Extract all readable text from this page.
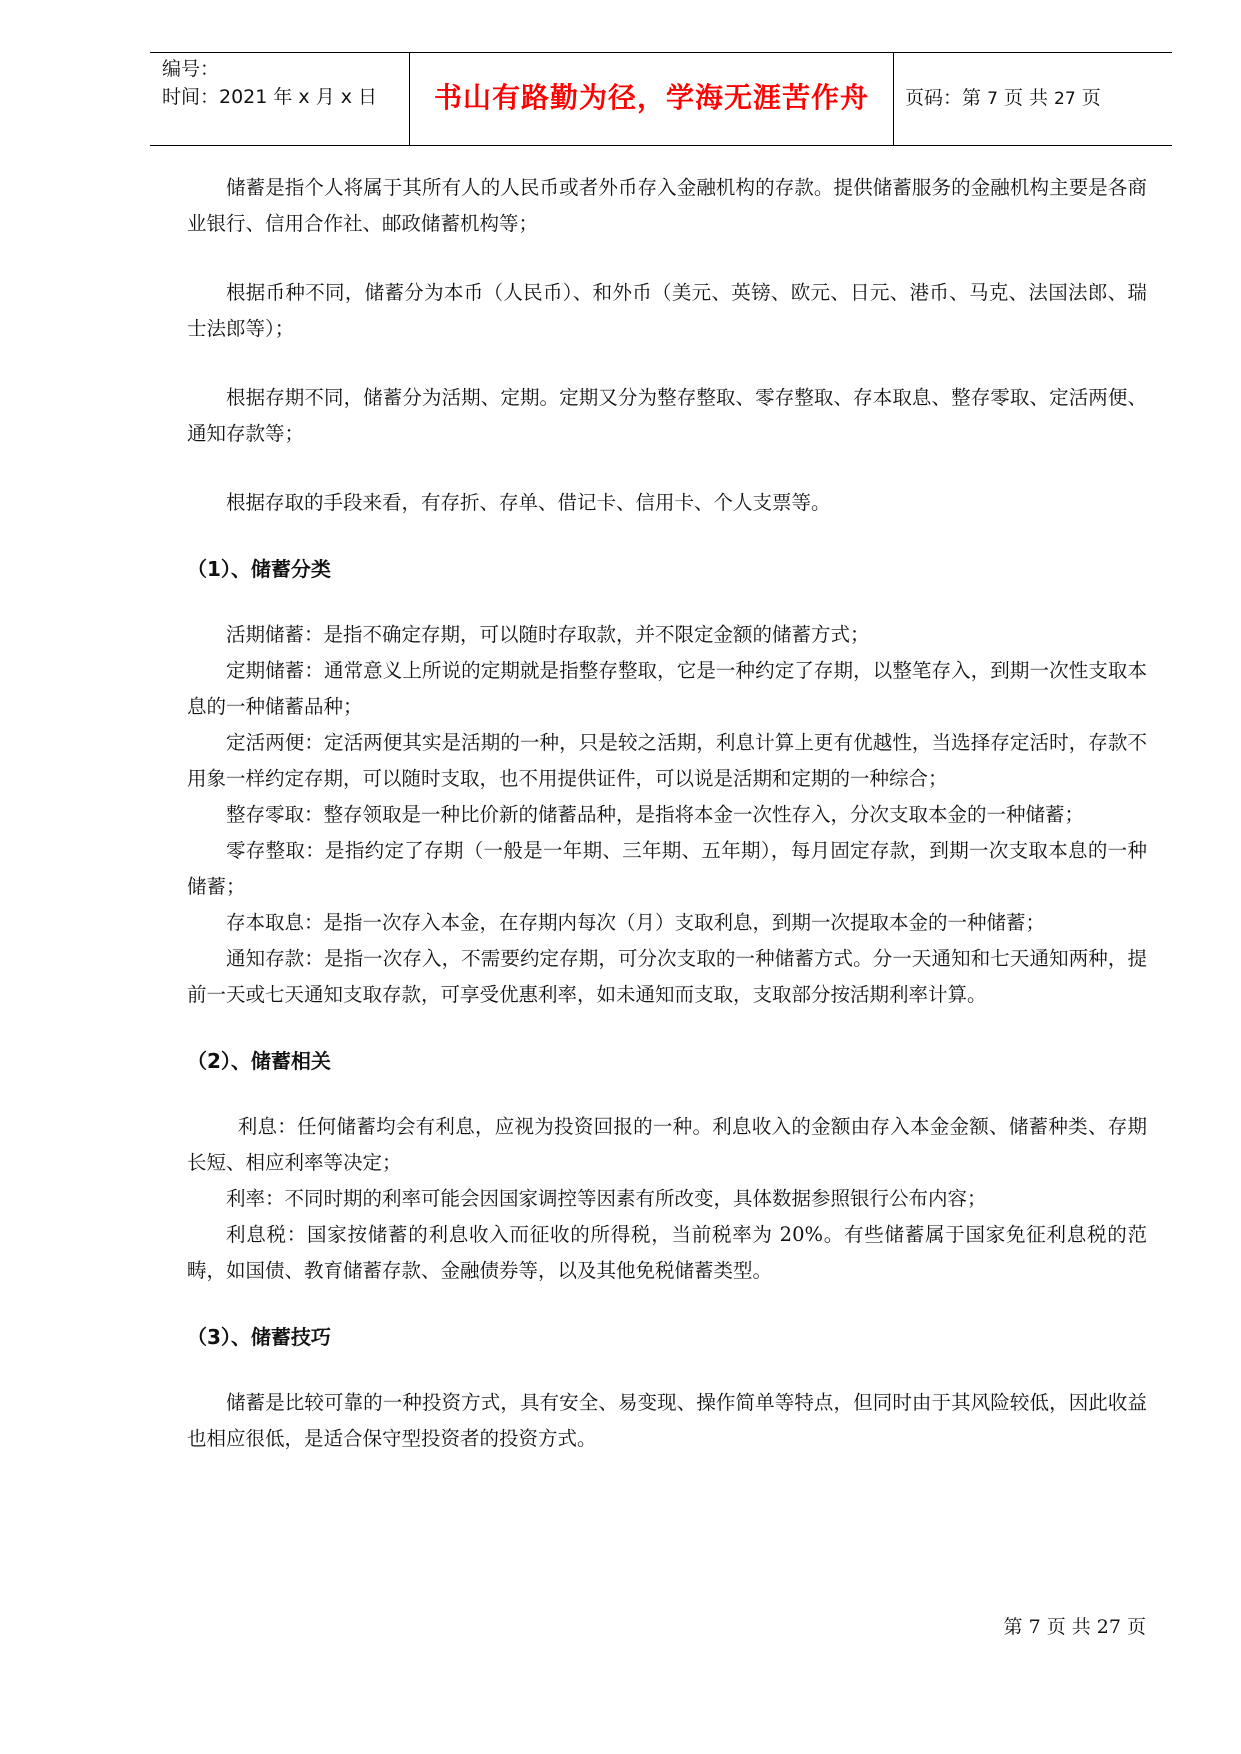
编号：
时间：2021 年 x 月 x 日	书山有路勤为径，学海无涯苦作舟	页码：第 7 页 共 27 页

储蓄是指个人将属于其所有人的人民币或者外币存入金融机构的存款。提供储蓄服务的金融机构主要是各商业银行、信用合作社、邮政储蓄机构等；

根据币种不同，储蓄分为本币（人民币）、和外币（美元、英镑、欧元、日元、港币、马克、法国法郎、瑞士法郎等）；

根据存期不同，储蓄分为活期、定期。定期又分为整存整取、零存整取、存本取息、整存零取、定活两便、通知存款等；

根据存取的手段来看，有存折、存单、借记卡、信用卡、个人支票等。

（1）、储蓄分类

活期储蓄：是指不确定存期，可以随时存取款，并不限定金额的储蓄方式；

定期储蓄：通常意义上所说的定期就是指整存整取，它是一种约定了存期，以整笔存入，到期一次性支取本息的一种储蓄品种；

定活两便：定活两便其实是活期的一种，只是较之活期，利息计算上更有优越性，当选择存定活时，存款不用象一样约定存期，可以随时支取，也不用提供证件，可以说是活期和定期的一种综合；

整存零取：整存领取是一种比价新的储蓄品种，是指将本金一次性存入，分次支取本金的一种储蓄；

零存整取：是指约定了存期（一般是一年期、三年期、五年期），每月固定存款，到期一次支取本息的一种储蓄；

存本取息：是指一次存入本金，在存期内每次（月）支取利息，到期一次提取本金的一种储蓄；

通知存款：是指一次存入，不需要约定存期，可分次支取的一种储蓄方式。分一天通知和七天通知两种，提前一天或七天通知支取存款，可享受优惠利率，如未通知而支取，支取部分按活期利率计算。

（2）、储蓄相关

利息：任何储蓄均会有利息，应视为投资回报的一种。利息收入的金额由存入本金金额、储蓄种类、存期长短、相应利率等决定；

利率：不同时期的利率可能会因国家调控等因素有所改变，具体数据参照银行公布内容；

利息税：国家按储蓄的利息收入而征收的所得税，当前税率为 20%。有些储蓄属于国家免征利息税的范畴，如国债、教育储蓄存款、金融债券等，以及其他免税储蓄类型。

（3）、储蓄技巧

储蓄是比较可靠的一种投资方式，具有安全、易变现、操作简单等特点，但同时由于其风险较低，因此收益也相应很低，是适合保守型投资者的投资方式。

第 7 页 共 27 页
